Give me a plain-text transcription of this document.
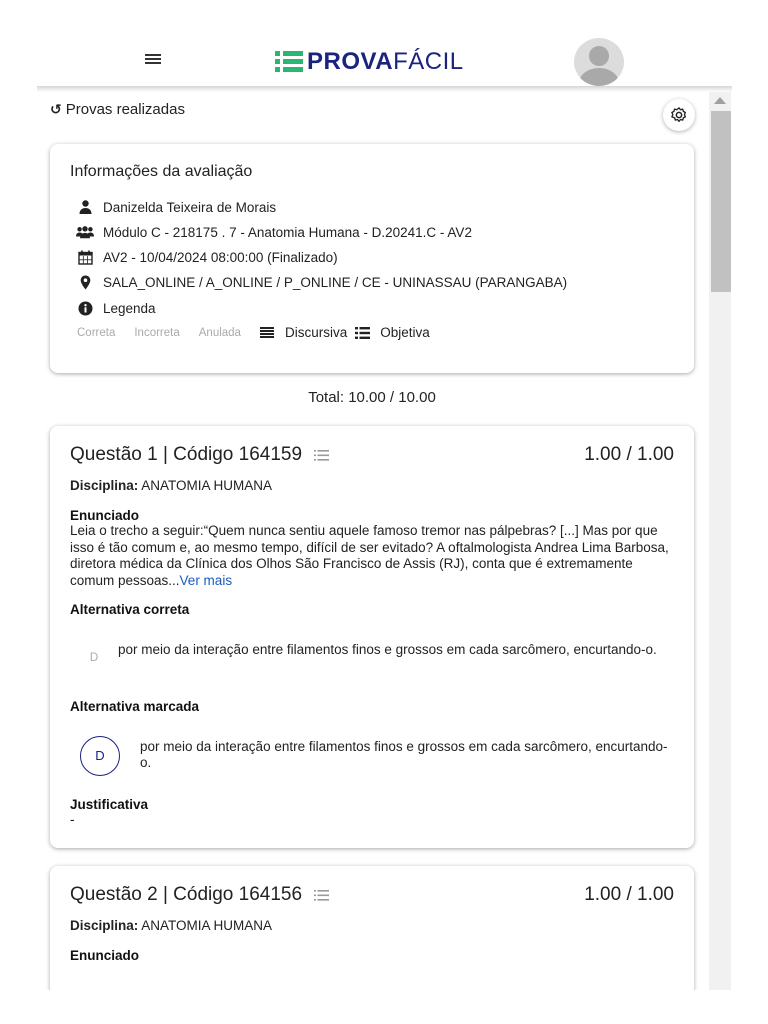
PROVA FÁCIL
↺ Provas realizadas
Informações da avaliação
Danizelda Teixeira de Morais
Módulo C - 218175 . 7 - Anatomia Humana - D.20241.C - AV2
AV2 - 10/04/2024 08:00:00 (Finalizado)
SALA_ONLINE / A_ONLINE / P_ONLINE / CE - UNINASSAU (PARANGABA)
Legenda
Correta Incorreta Anulada	Discursiva Objetiva
Total: 10.00 / 10.00
Questão 1 | Código 164159	1.00 / 1.00
Disciplina: ANATOMIA HUMANA
Enunciado
Leia o trecho a seguir:“Quem nunca sentiu aquele famoso tremor nas pálpebras? [...] Mas por que isso é tão comum e, ao mesmo tempo, difícil de ser evitado? A oftalmologista Andrea Lima Barbosa, diretora médica da Clínica dos Olhos São Francisco de Assis (RJ), conta que é extremamente comum pessoas...Ver mais
Alternativa correta
D
por meio da interação entre filamentos finos e grossos em cada sarcômero, encurtando-o.
Alternativa marcada
D
por meio da interação entre filamentos finos e grossos em cada sarcômero, encurtando-o.
Justificativa
-
Questão 2 | Código 164156	1.00 / 1.00
Disciplina: ANATOMIA HUMANA
Enunciado
